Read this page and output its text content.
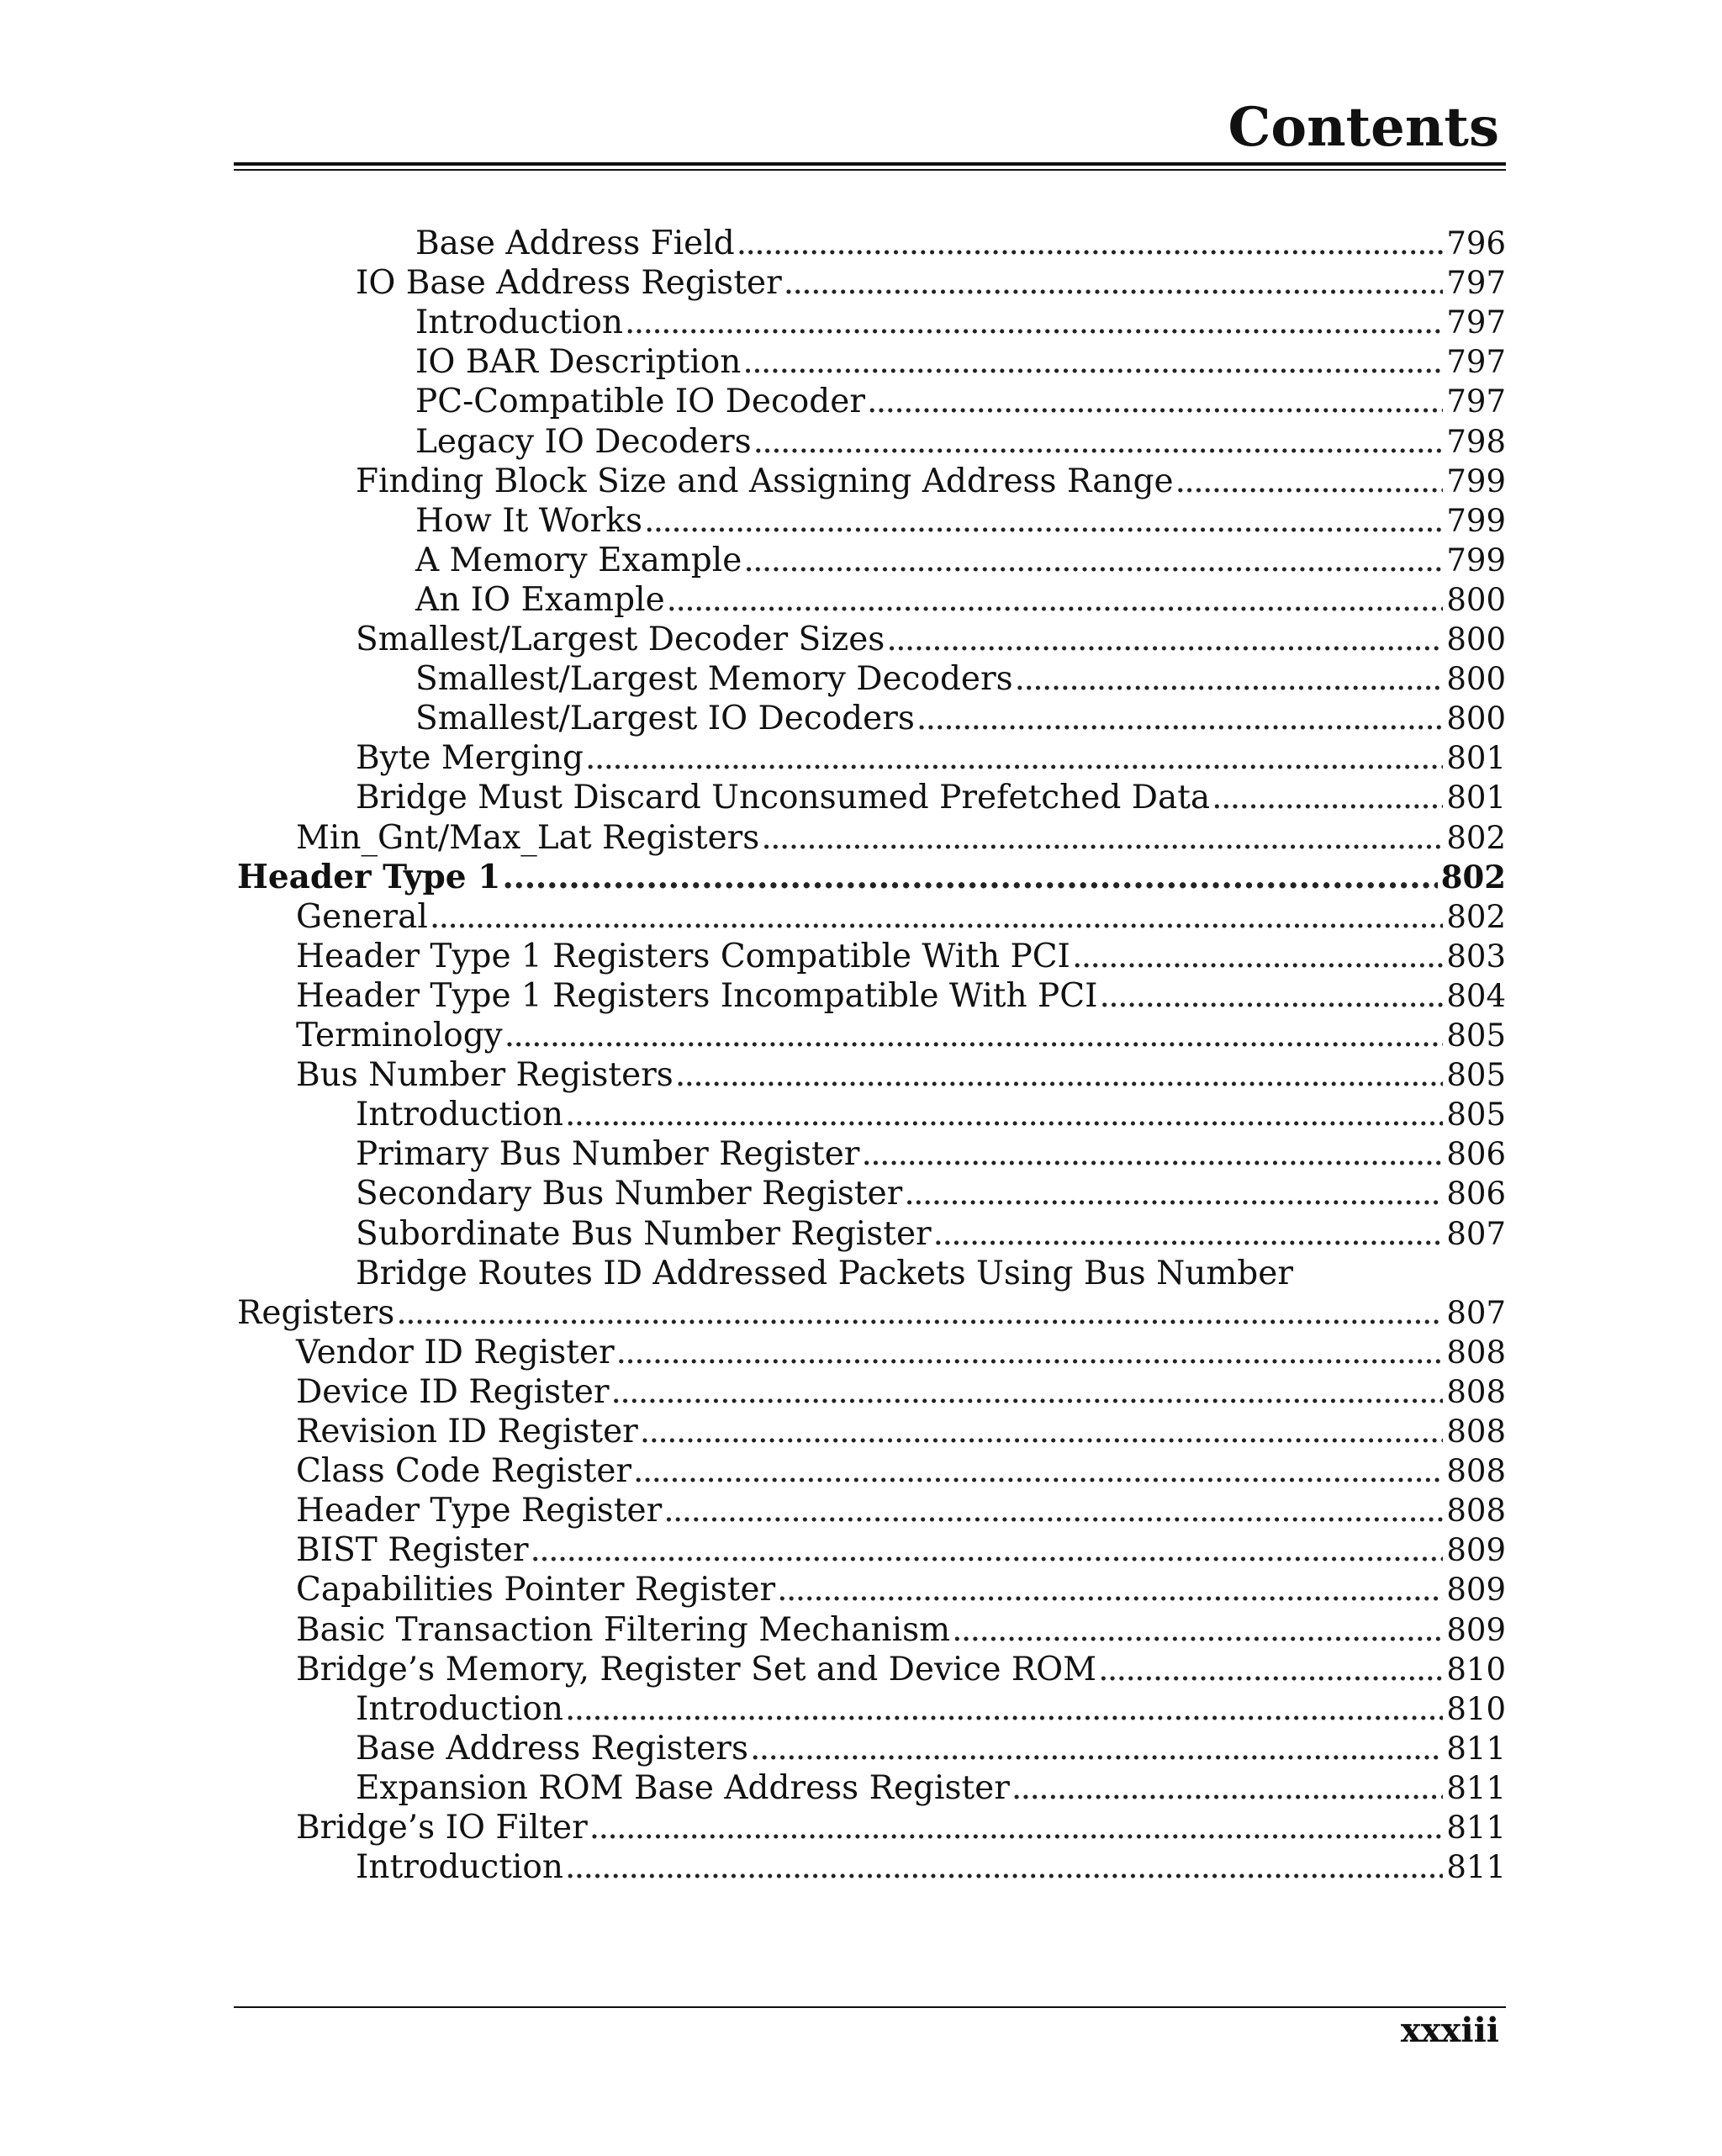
Contents
Base Address Field . . .	796
IO Base Address Register . . .	797
Introduction . . .	797
IO BAR Description . . .	797
PC-Compatible IO Decoder . . .	797
Legacy IO Decoders . . .	798
Finding Block Size and Assigning Address Range . . .	799
How It Works . . .	799
A Memory Example . . .	799
An IO Example . . .	800
Smallest/Largest Decoder Sizes . . .	800
Smallest/Largest Memory Decoders . . .	800
Smallest/Largest IO Decoders . . .	800
Byte Merging . . .	801
Bridge Must Discard Unconsumed Prefetched Data . . .	801
Min_Gnt/Max_Lat Registers . . .	802
Header Type 1 . . .	802
General . . .	802
Header Type 1 Registers Compatible With PCI . . .	803
Header Type 1 Registers Incompatible With PCI . . .	804
Terminology . . .	805
Bus Number Registers . . .	805
Introduction . . .	805
Primary Bus Number Register . . .	806
Secondary Bus Number Register . . .	806
Subordinate Bus Number Register . . .	807
Bridge Routes ID Addressed Packets Using Bus Number
Registers . . .	807
Vendor ID Register . . .	808
Device ID Register . . .	808
Revision ID Register . . .	808
Class Code Register . . .	808
Header Type Register . . .	808
BIST Register . . .	809
Capabilities Pointer Register . . .	809
Basic Transaction Filtering Mechanism . . .	809
Bridge’s Memory, Register Set and Device ROM . . .	810
Introduction . . .	810
Base Address Registers . . .	811
Expansion ROM Base Address Register . . .	811
Bridge’s IO Filter . . .	811
Introduction . . .	811
xxxiii
